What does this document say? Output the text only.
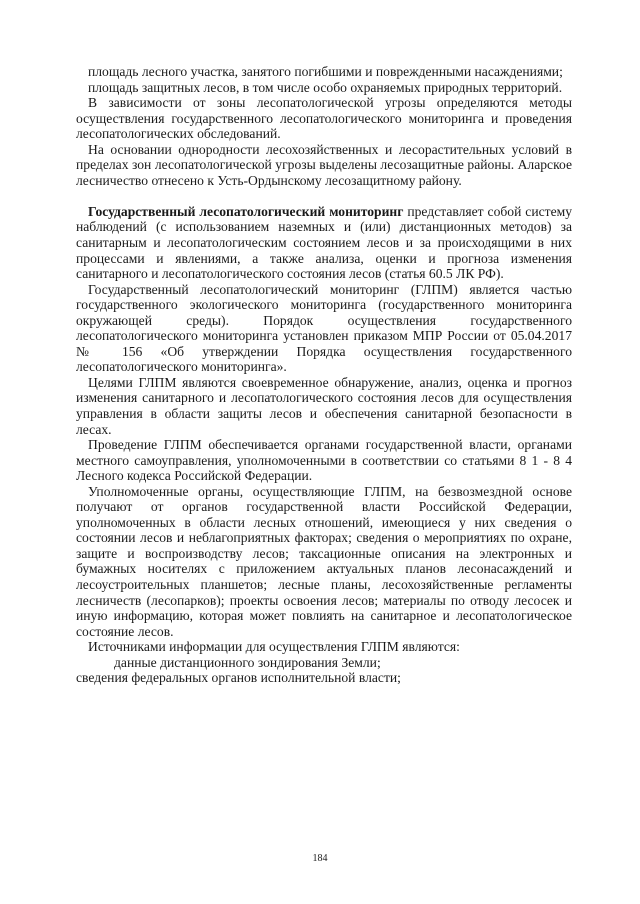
площадь лесного участка, занятого погибшими и поврежденными насаждениями;

площадь защитных лесов, в том числе особо охраняемых природных территорий.

В зависимости от зоны лесопатологической угрозы определяются методы осуществления государственного лесопатологического мониторинга и проведения лесопатологических обследований.

На основании однородности лесохозяйственных и лесорастительных условий в пределах зон лесопатологической угрозы выделены лесозащитные районы. Аларское лесничество отнесено к Усть-Ордынскому лесозащитному району.

Государственный лесопатологический мониторинг представляет собой систему наблюдений (с использованием наземных и (или) дистанционных методов) за санитарным и лесопатологическим состоянием лесов и за происходящими в них процессами и явлениями, а также анализа, оценки и прогноза изменения санитарного и лесопатологического состояния лесов (статья 60.5 ЛК РФ).

Государственный лесопатологический мониторинг (ГЛПМ) является частью государственного экологического мониторинга (государственного мониторинга окружающей среды). Порядок осуществления государственного лесопатологического мониторинга установлен приказом МПР России от 05.04.2017 № 156 «Об утверждении Порядка осуществления государственного лесопатологического мониторинга».

Целями ГЛПМ являются своевременное обнаружение, анализ, оценка и прогноз изменения санитарного и лесопатологического состояния лесов для осуществления управления в области защиты лесов и обеспечения санитарной безопасности в лесах.

Проведение ГЛПМ обеспечивается органами государственной власти, органами местного самоуправления, уполномоченными в соответствии со статьями 8 1 - 8 4 Лесного кодекса Российской Федерации.

Уполномоченные органы, осуществляющие ГЛПМ, на безвозмездной основе получают от органов государственной власти Российской Федерации, уполномоченных в области лесных отношений, имеющиеся у них сведения о состоянии лесов и неблагоприятных факторах; сведения о мероприятиях по охране, защите и воспроизводству лесов; таксационные описания на электронных и бумажных носителях с приложением актуальных планов лесонасаждений и лесоустроительных планшетов; лесные планы, лесохозяйственные регламенты лесничеств (лесопарков); проекты освоения лесов; материалы по отводу лесосек и иную информацию, которая может повлиять на санитарное и лесопатологическое состояние лесов.

Источниками информации для осуществления ГЛПМ являются:

данные дистанционного зондирования Земли;

сведения федеральных органов исполнительной власти;

184
